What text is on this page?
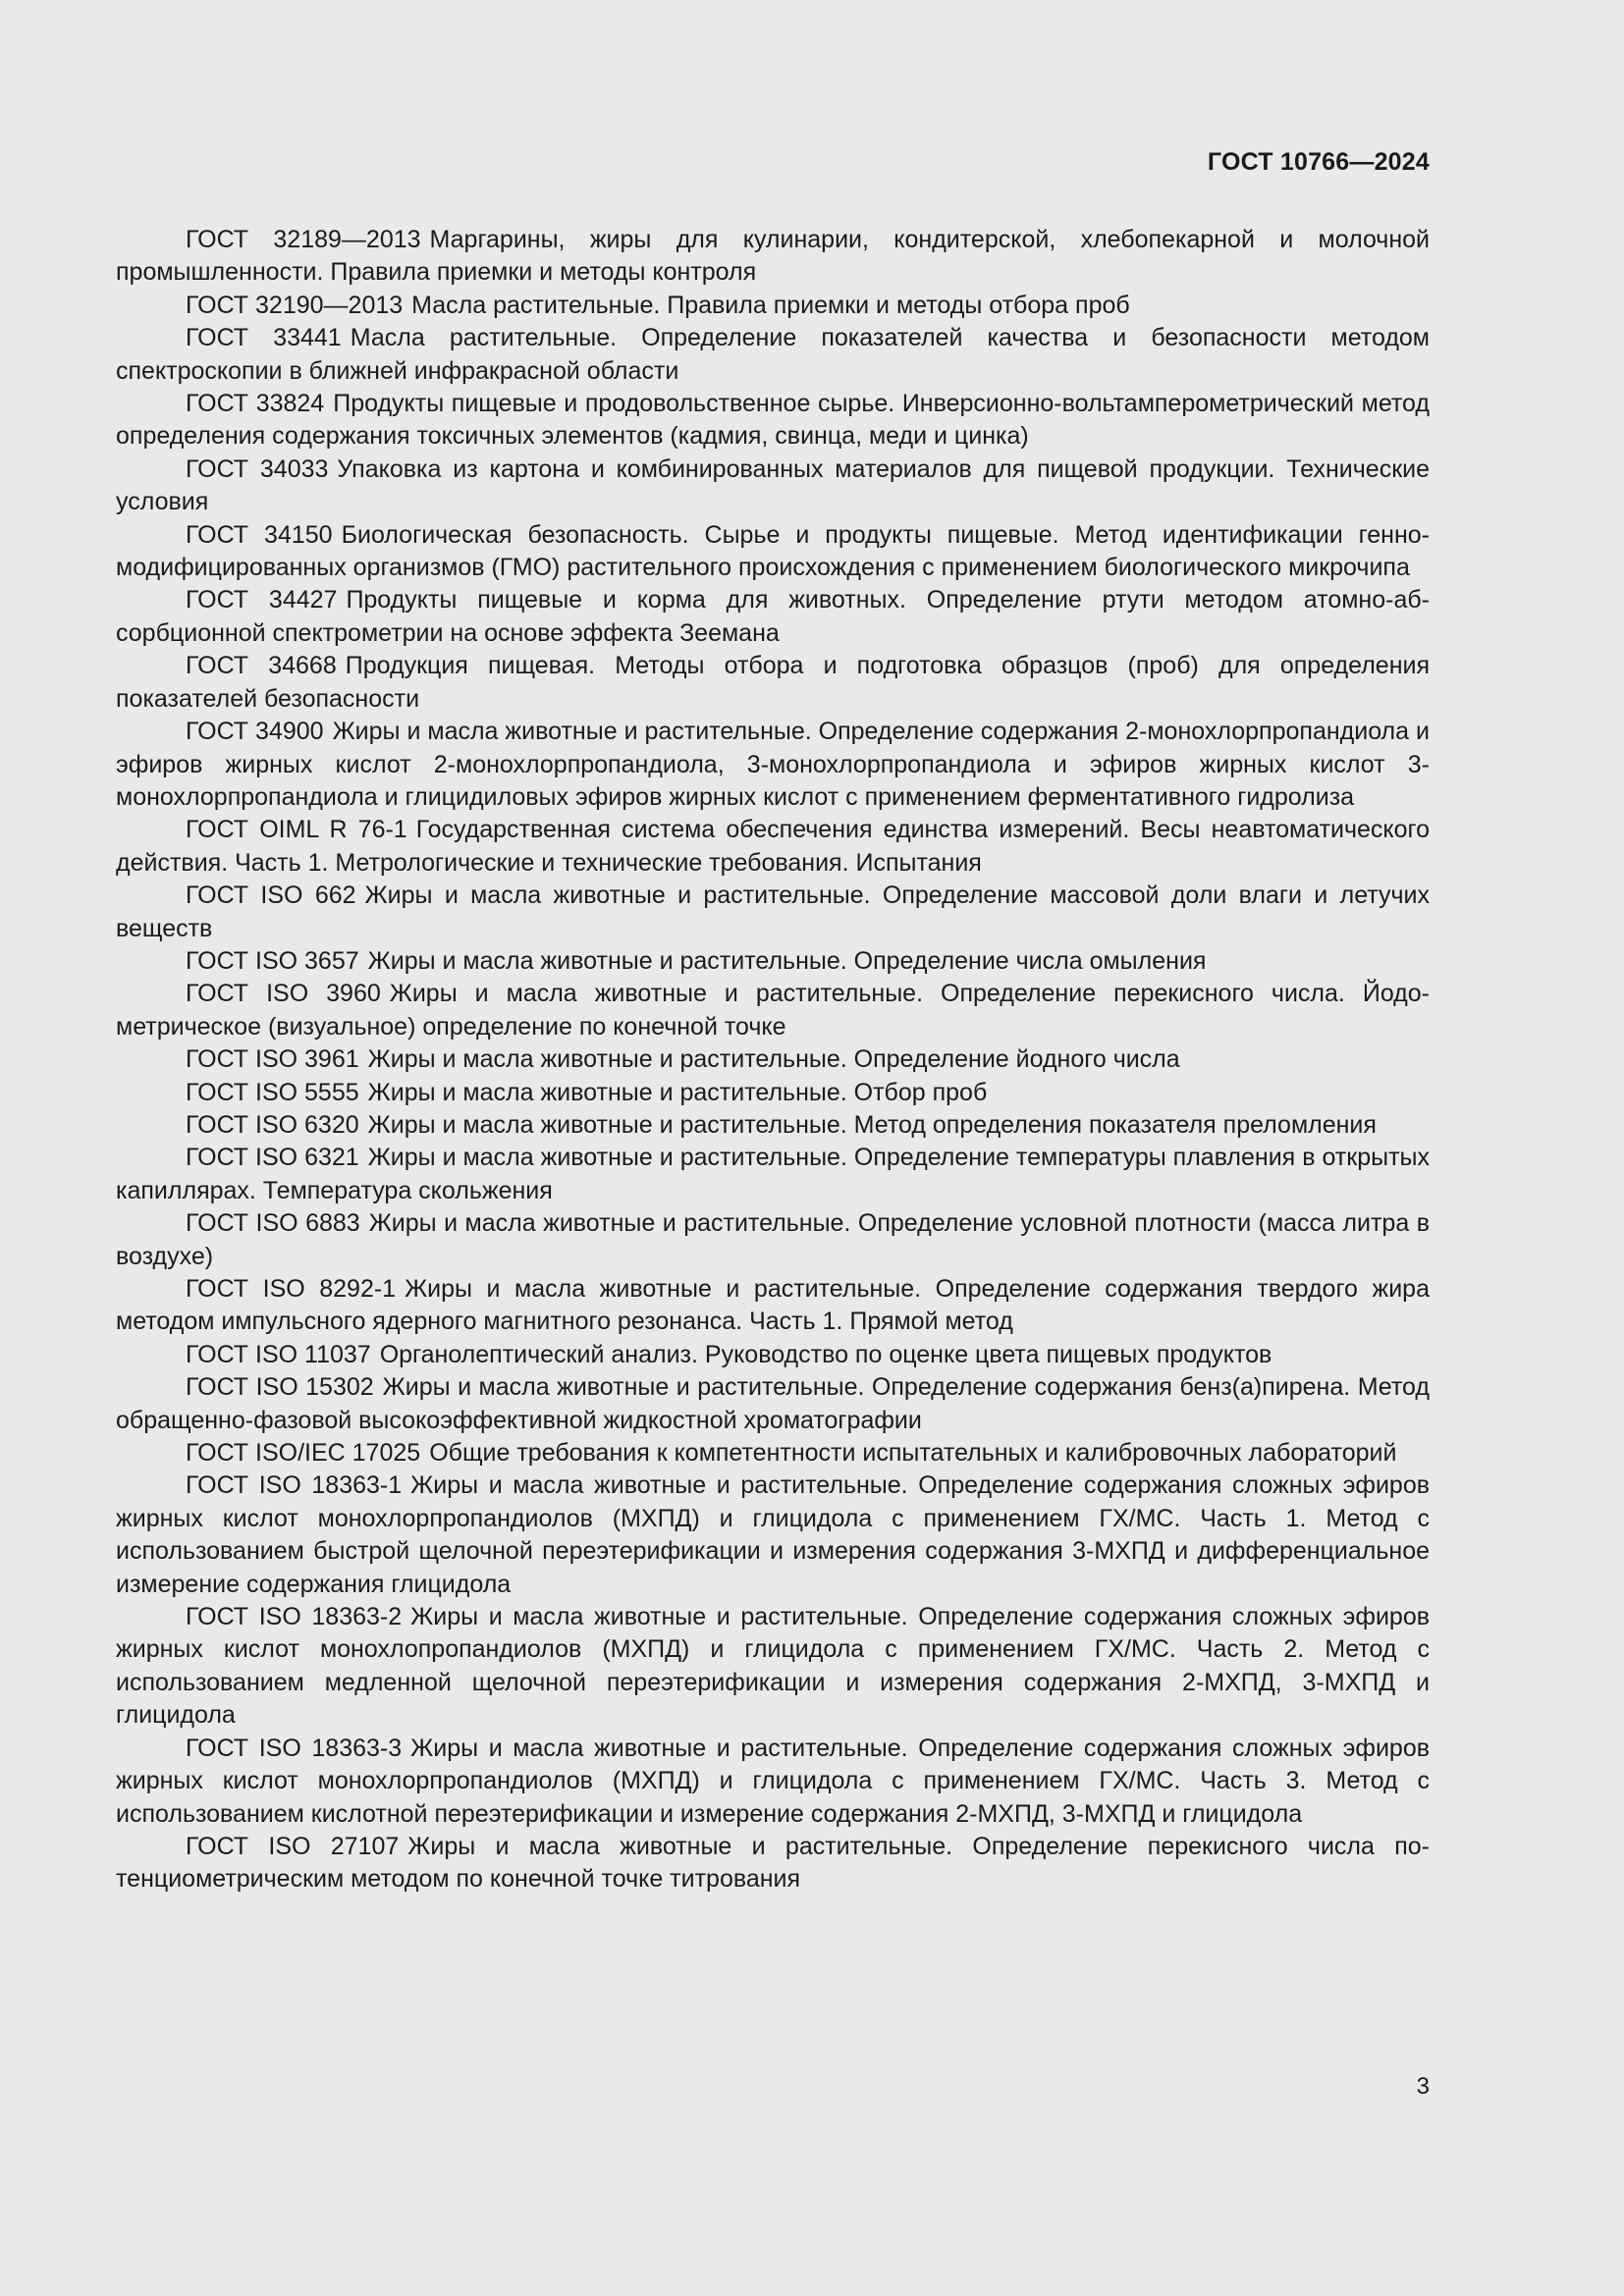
ГОСТ 10766—2024

ГОСТ 32189—2013 Маргарины, жиры для кулинарии, кондитерской, хлебопекарной и молочной промышленности. Правила приемки и методы контроля

ГОСТ 32190—2013 Масла растительные. Правила приемки и методы отбора проб

ГОСТ 33441 Масла растительные. Определение показателей качества и безопасности методом спектроскопии в ближней инфракрасной области

ГОСТ 33824 Продукты пищевые и продовольственное сырье. Инверсионно-вольтамперометрический метод определения содержания токсичных элементов (кадмия, свинца, меди и цинка)

ГОСТ 34033 Упаковка из картона и комбинированных материалов для пищевой продукции. Технические условия

ГОСТ 34150 Биологическая безопасность. Сырье и продукты пищевые. Метод идентификации генно-модифицированных организмов (ГМО) растительного происхождения с применением биологического микрочипа

ГОСТ 34427 Продукты пищевые и корма для животных. Определение ртути методом атомно-абсорбционной спектрометрии на основе эффекта Зеемана

ГОСТ 34668 Продукция пищевая. Методы отбора и подготовка образцов (проб) для определения показателей безопасности

ГОСТ 34900 Жиры и масла животные и растительные. Определение содержания 2-монохлорпропандиола и эфиров жирных кислот 2-монохлорпропандиола, 3-монохлорпропандиола и эфиров жирных кислот 3-монохлорпропандиола и глицидиловых эфиров жирных кислот с применением ферментативного гидролиза

ГОСТ OIML R 76-1 Государственная система обеспечения единства измерений. Весы неавтоматического действия. Часть 1. Метрологические и технические требования. Испытания

ГОСТ ISO 662 Жиры и масла животные и растительные. Определение массовой доли влаги и летучих веществ

ГОСТ ISO 3657 Жиры и масла животные и растительные. Определение числа омыления

ГОСТ ISO 3960 Жиры и масла животные и растительные. Определение перекисного числа. Йодометрическое (визуальное) определение по конечной точке

ГОСТ ISO 3961 Жиры и масла животные и растительные. Определение йодного числа

ГОСТ ISO 5555 Жиры и масла животные и растительные. Отбор проб

ГОСТ ISO 6320 Жиры и масла животные и растительные. Метод определения показателя преломления

ГОСТ ISO 6321 Жиры и масла животные и растительные. Определение температуры плавления в открытых капиллярах. Температура скольжения

ГОСТ ISO 6883 Жиры и масла животные и растительные. Определение условной плотности (масса литра в воздухе)

ГОСТ ISO 8292-1 Жиры и масла животные и растительные. Определение содержания твердого жира методом импульсного ядерного магнитного резонанса. Часть 1. Прямой метод

ГОСТ ISO 11037 Органолептический анализ. Руководство по оценке цвета пищевых продуктов

ГОСТ ISO 15302 Жиры и масла животные и растительные. Определение содержания бенз(а)пирена. Метод обращенно-фазовой высокоэффективной жидкостной хроматографии

ГОСТ ISO/IEC 17025 Общие требования к компетентности испытательных и калибровочных лабораторий

ГОСТ ISO 18363-1 Жиры и масла животные и растительные. Определение содержания сложных эфиров жирных кислот монохлорпропандиолов (МХПД) и глицидола с применением ГХ/МС. Часть 1. Метод с использованием быстрой щелочной переэтерификации и измерения содержания 3-МХПД и дифференциальное измерение содержания глицидола

ГОСТ ISO 18363-2 Жиры и масла животные и растительные. Определение содержания сложных эфиров жирных кислот монохлопропандиолов (МХПД) и глицидола с применением ГХ/МС. Часть 2. Метод с использованием медленной щелочной переэтерификации и измерения содержания 2-МХПД, 3-МХПД и глицидола

ГОСТ ISO 18363-3 Жиры и масла животные и растительные. Определение содержания сложных эфиров жирных кислот монохлорпропандиолов (МХПД) и глицидола с применением ГХ/МС. Часть 3. Метод с использованием кислотной переэтерификации и измерение содержания 2-МХПД, 3-МХПД и глицидола

ГОСТ ISO 27107 Жиры и масла животные и растительные. Определение перекисного числа потенциометрическим методом по конечной точке титрования

3
